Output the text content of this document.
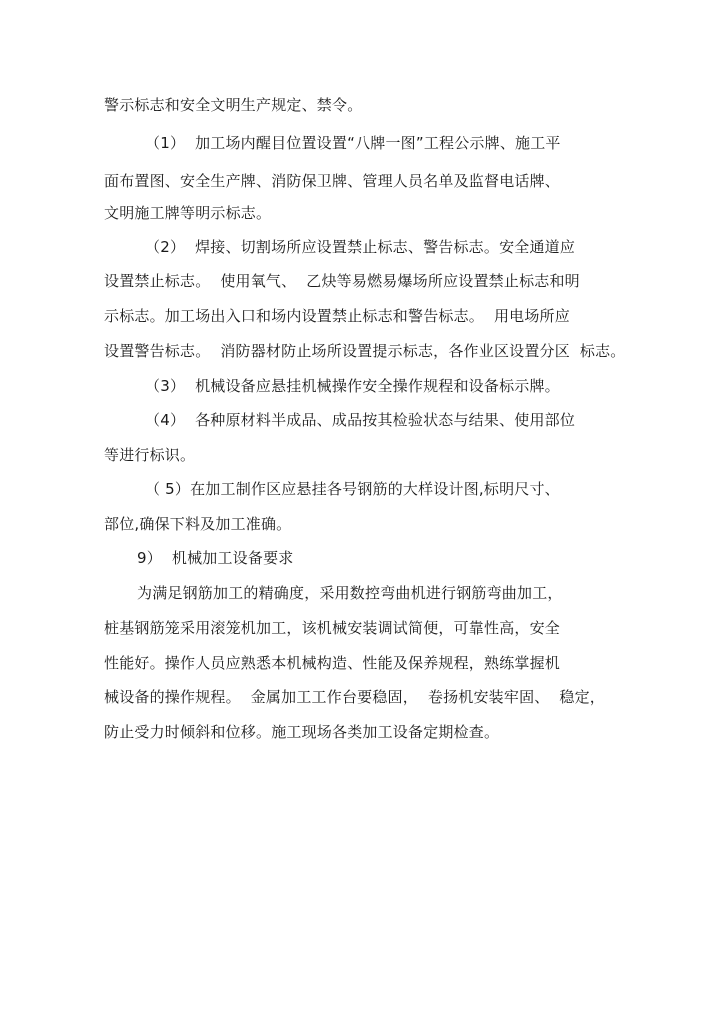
警示标志和安全文明生产规定、禁令。

（1）  加工场内醒目位置设置“八牌一图”工程公示牌、施工平

面布置图、安全生产牌、消防保卫牌、管理人员名单及监督电话牌、

文明施工牌等明示标志。

（2）  焊接、切割场所应设置禁止标志、警告标志。安全通道应

设置禁止标志。  使用氧气、  乙炔等易燃易爆场所应设置禁止标志和明

示标志。加工场出入口和场内设置禁止标志和警告标志。  用电场所应

设置警告标志。  消防器材防止场所设置提示标志，各作业区设置分区  标志。

（3）  机械设备应悬挂机械操作安全操作规程和设备标示牌。

（4）  各种原材料半成品、成品按其检验状态与结果、使用部位

等进行标识。

（ 5）在加工制作区应悬挂各号钢筋的大样设计图,标明尺寸、

部位,确保下料及加工准确。

9）  机械加工设备要求

为满足钢筋加工的精确度，采用数控弯曲机进行钢筋弯曲加工，

桩基钢筋笼采用滚笼机加工，该机械安装调试简便，可靠性高，安全

性能好。操作人员应熟悉本机械构造、性能及保养规程，熟练掌握机

械设备的操作规程。  金属加工工作台要稳固，  卷扬机安装牢固、  稳定，

防止受力时倾斜和位移。施工现场各类加工设备定期检查。
